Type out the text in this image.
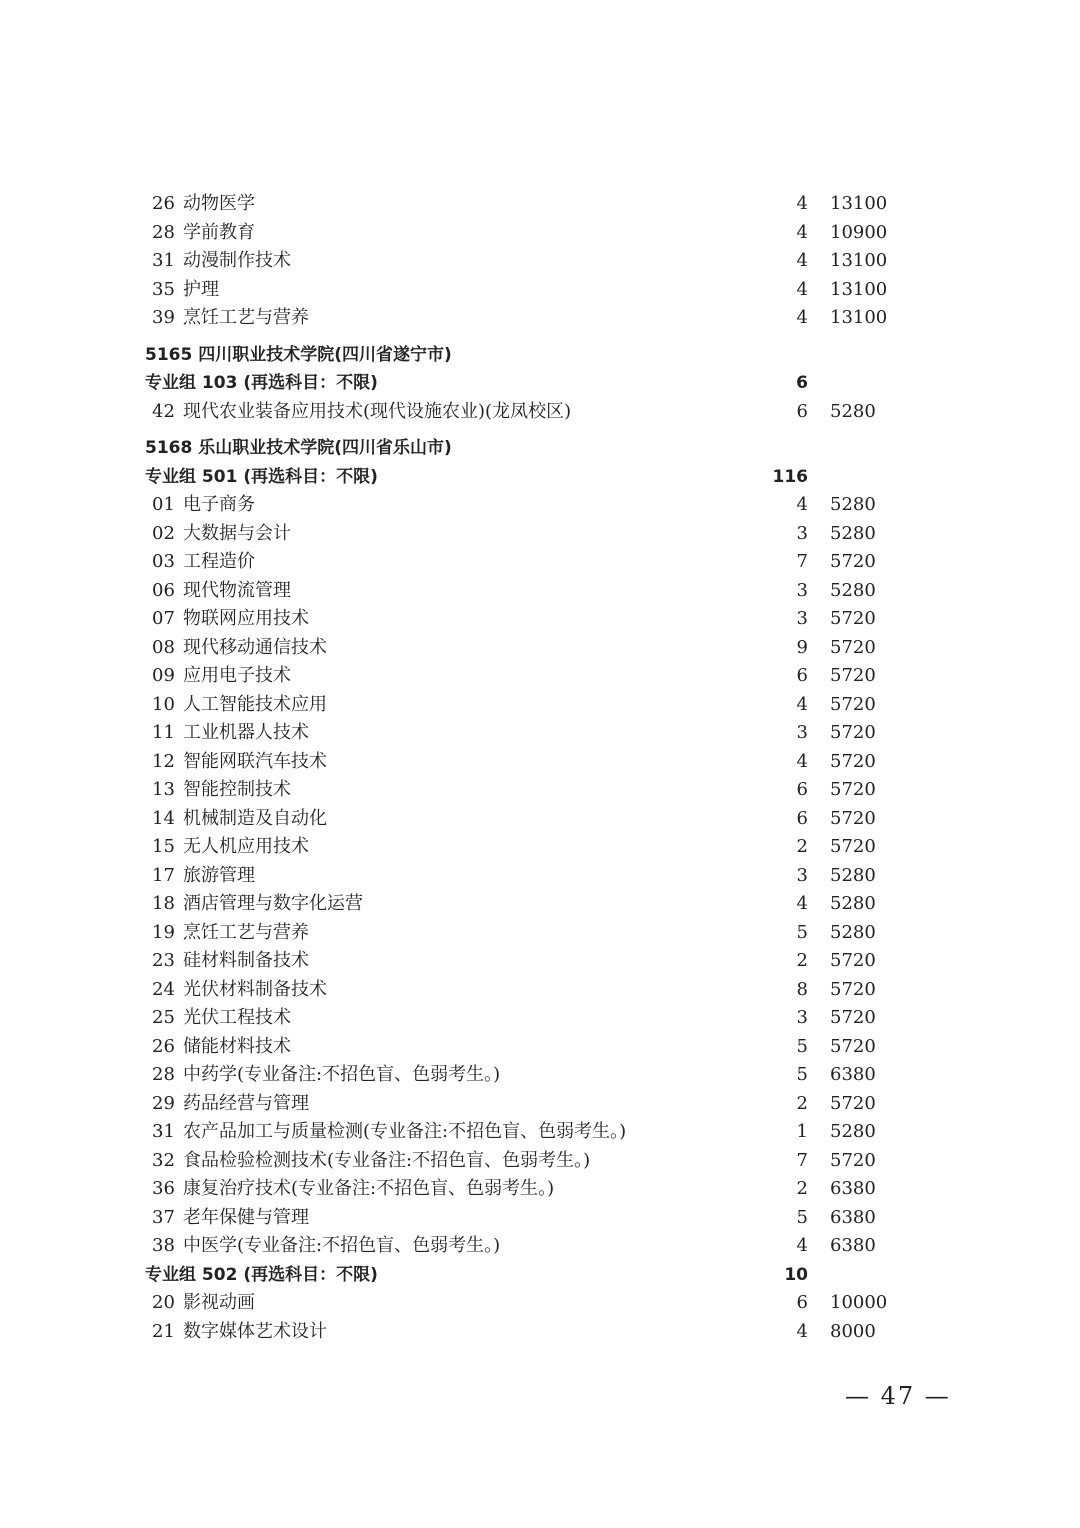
26 动物医学	4 13100
28 学前教育	4 10900
31 动漫制作技术	4 13100
35 护理	4 13100
39 烹饪工艺与营养	4 13100
5165 四川职业技术学院(四川省遂宁市)
专业组 103 (再选科目：不限)	6
42 现代农业装备应用技术(现代设施农业)(龙凤校区)	6 5280
5168 乐山职业技术学院(四川省乐山市)
专业组 501 (再选科目：不限)	116
01 电子商务	4 5280
02 大数据与会计	3 5280
03 工程造价	7 5720
06 现代物流管理	3 5280
07 物联网应用技术	3 5720
08 现代移动通信技术	9 5720
09 应用电子技术	6 5720
10 人工智能技术应用	4 5720
11 工业机器人技术	3 5720
12 智能网联汽车技术	4 5720
13 智能控制技术	6 5720
14 机械制造及自动化	6 5720
15 无人机应用技术	2 5720
17 旅游管理	3 5280
18 酒店管理与数字化运营	4 5280
19 烹饪工艺与营养	5 5280
23 硅材料制备技术	2 5720
24 光伏材料制备技术	8 5720
25 光伏工程技术	3 5720
26 储能材料技术	5 5720
28 中药学(专业备注:不招色盲、色弱考生。)	5 6380
29 药品经营与管理	2 5720
31 农产品加工与质量检测(专业备注:不招色盲、色弱考生。)	1 5280
32 食品检验检测技术(专业备注:不招色盲、色弱考生。)	7 5720
36 康复治疗技术(专业备注:不招色盲、色弱考生。)	2 6380
37 老年保健与管理	5 6380
38 中医学(专业备注:不招色盲、色弱考生。)	4 6380
专业组 502 (再选科目：不限)	10
20 影视动画	6 10000
21 数字媒体艺术设计	4 8000
— 47 —
